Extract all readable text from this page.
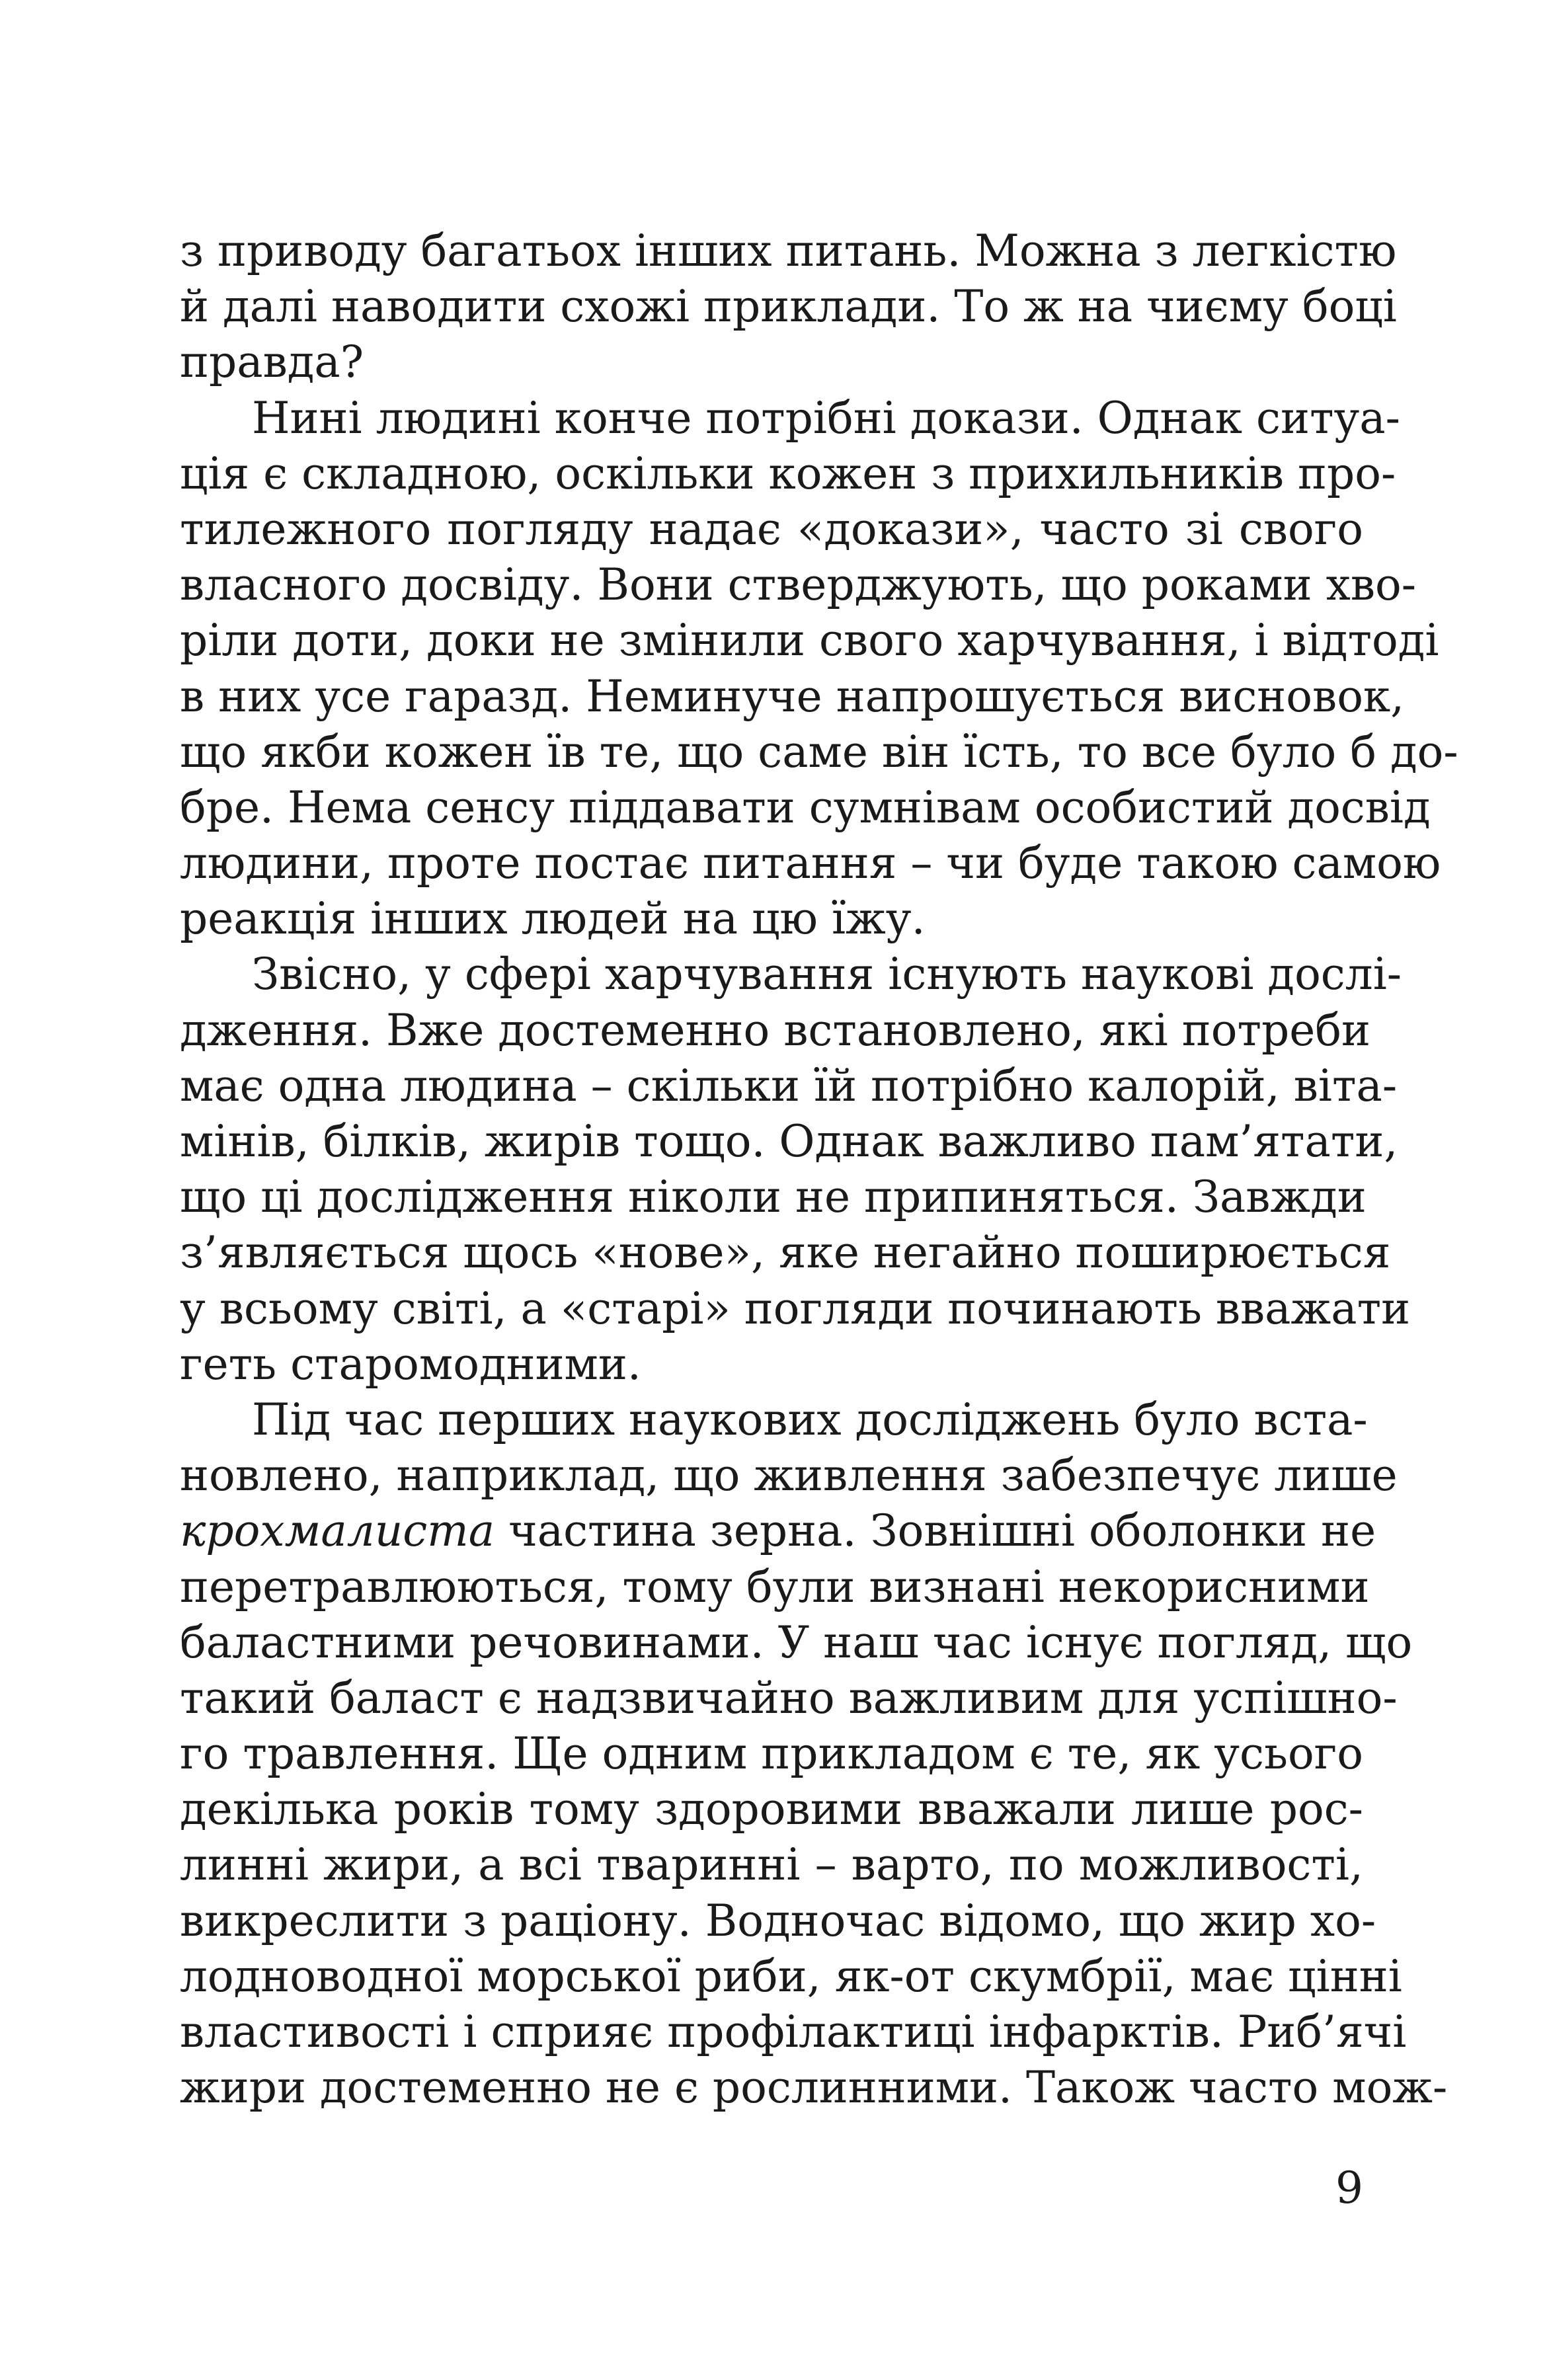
з приводу багатьох інших питань. Можна з легкістю
й далі наводити схожі приклади. То ж на чиєму боці
правда?
Нині людині конче потрібні докази. Однак ситуа-
ція є складною, оскільки кожен з прихильників про-
тилежного погляду надає «докази», часто зі свого
власного досвіду. Вони стверджують, що роками хво-
ріли доти, доки не змінили свого харчування, і відтоді
в них усе гаразд. Неминуче напрошується висновок,
що якби кожен їв те, що саме він їсть, то все було б до-
бре. Нема сенсу піддавати сумнівам особистий досвід
людини, проте постає питання – чи буде такою самою
реакція інших людей на цю їжу.
Звісно, у сфері харчування існують наукові дослі-
дження. Вже достеменно встановлено, які потреби
має одна людина – скільки їй потрібно калорій, віта-
мінів, білків, жирів тощо. Однак важливо пам’ятати,
що ці дослідження ніколи не припиняться. Завжди
з’являється щось «нове», яке негайно поширюється
у всьому світі, а «старі» погляди починають вважати
геть старомодними.
Під час перших наукових досліджень було вста-
новлено, наприклад, що живлення забезпечує лише
крохмалиста частина зерна. Зовнішні оболонки не
перетравлюються, тому були визнані некорисними
баластними речовинами. У наш час існує погляд, що
такий баласт є надзвичайно важливим для успішно-
го травлення. Ще одним прикладом є те, як усього
декілька років тому здоровими вважали лише рос-
линні жири, а всі тваринні – варто, по можливості,
викреслити з раціону. Водночас відомо, що жир хо-
лодноводної морської риби, як-от скумбрії, має цінні
властивості і сприяє профілактиці інфарктів. Риб’ячі
жири достеменно не є рослинними. Також часто мож-
9
